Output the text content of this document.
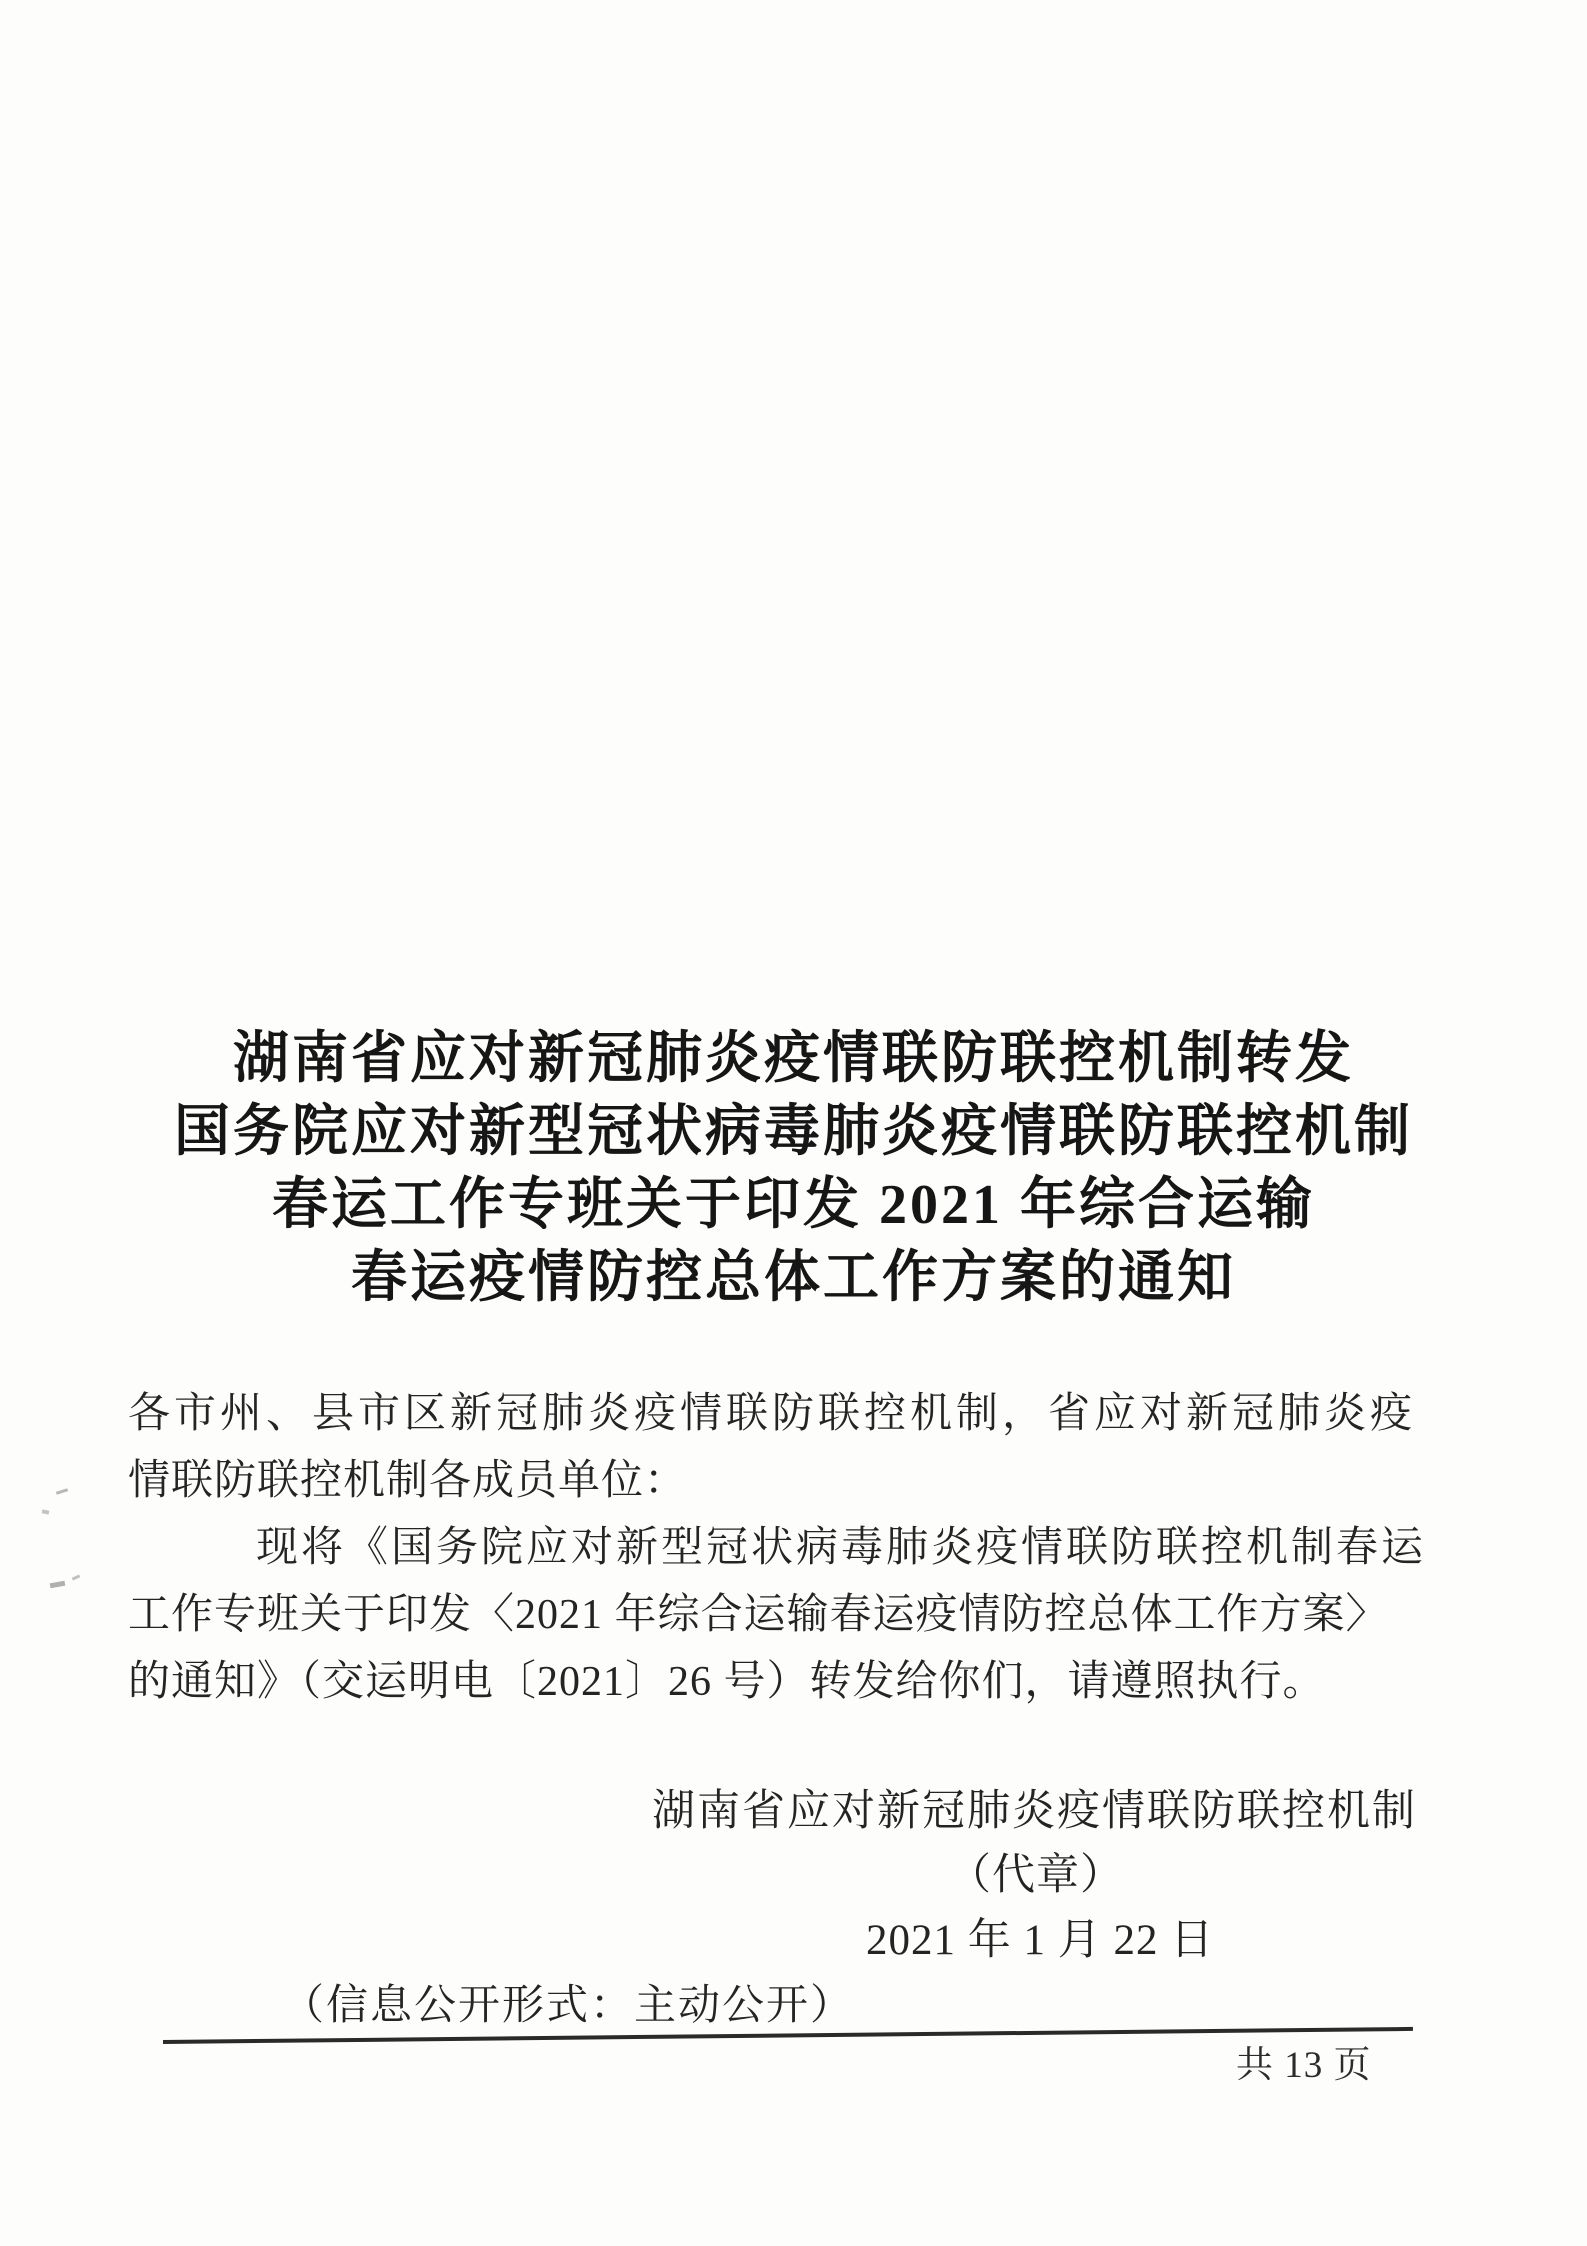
湖南省应对新冠肺炎疫情联防联控机制转发
国务院应对新型冠状病毒肺炎疫情联防联控机制
春运工作专班关于印发 2021 年综合运输
春运疫情防控总体工作方案的通知
各市州、县市区新冠肺炎疫情联防联控机制，省应对新冠肺炎疫
情联防联控机制各成员单位：
现将《国务院应对新型冠状病毒肺炎疫情联防联控机制春运
工作专班关于印发〈2021 年综合运输春运疫情防控总体工作方案〉
的通知》（交运明电〔2021〕26 号）转发给你们，请遵照执行。
湖南省应对新冠肺炎疫情联防联控机制
（代章）
2021 年 1 月 22 日
（信息公开形式：主动公开）
共 13 页
